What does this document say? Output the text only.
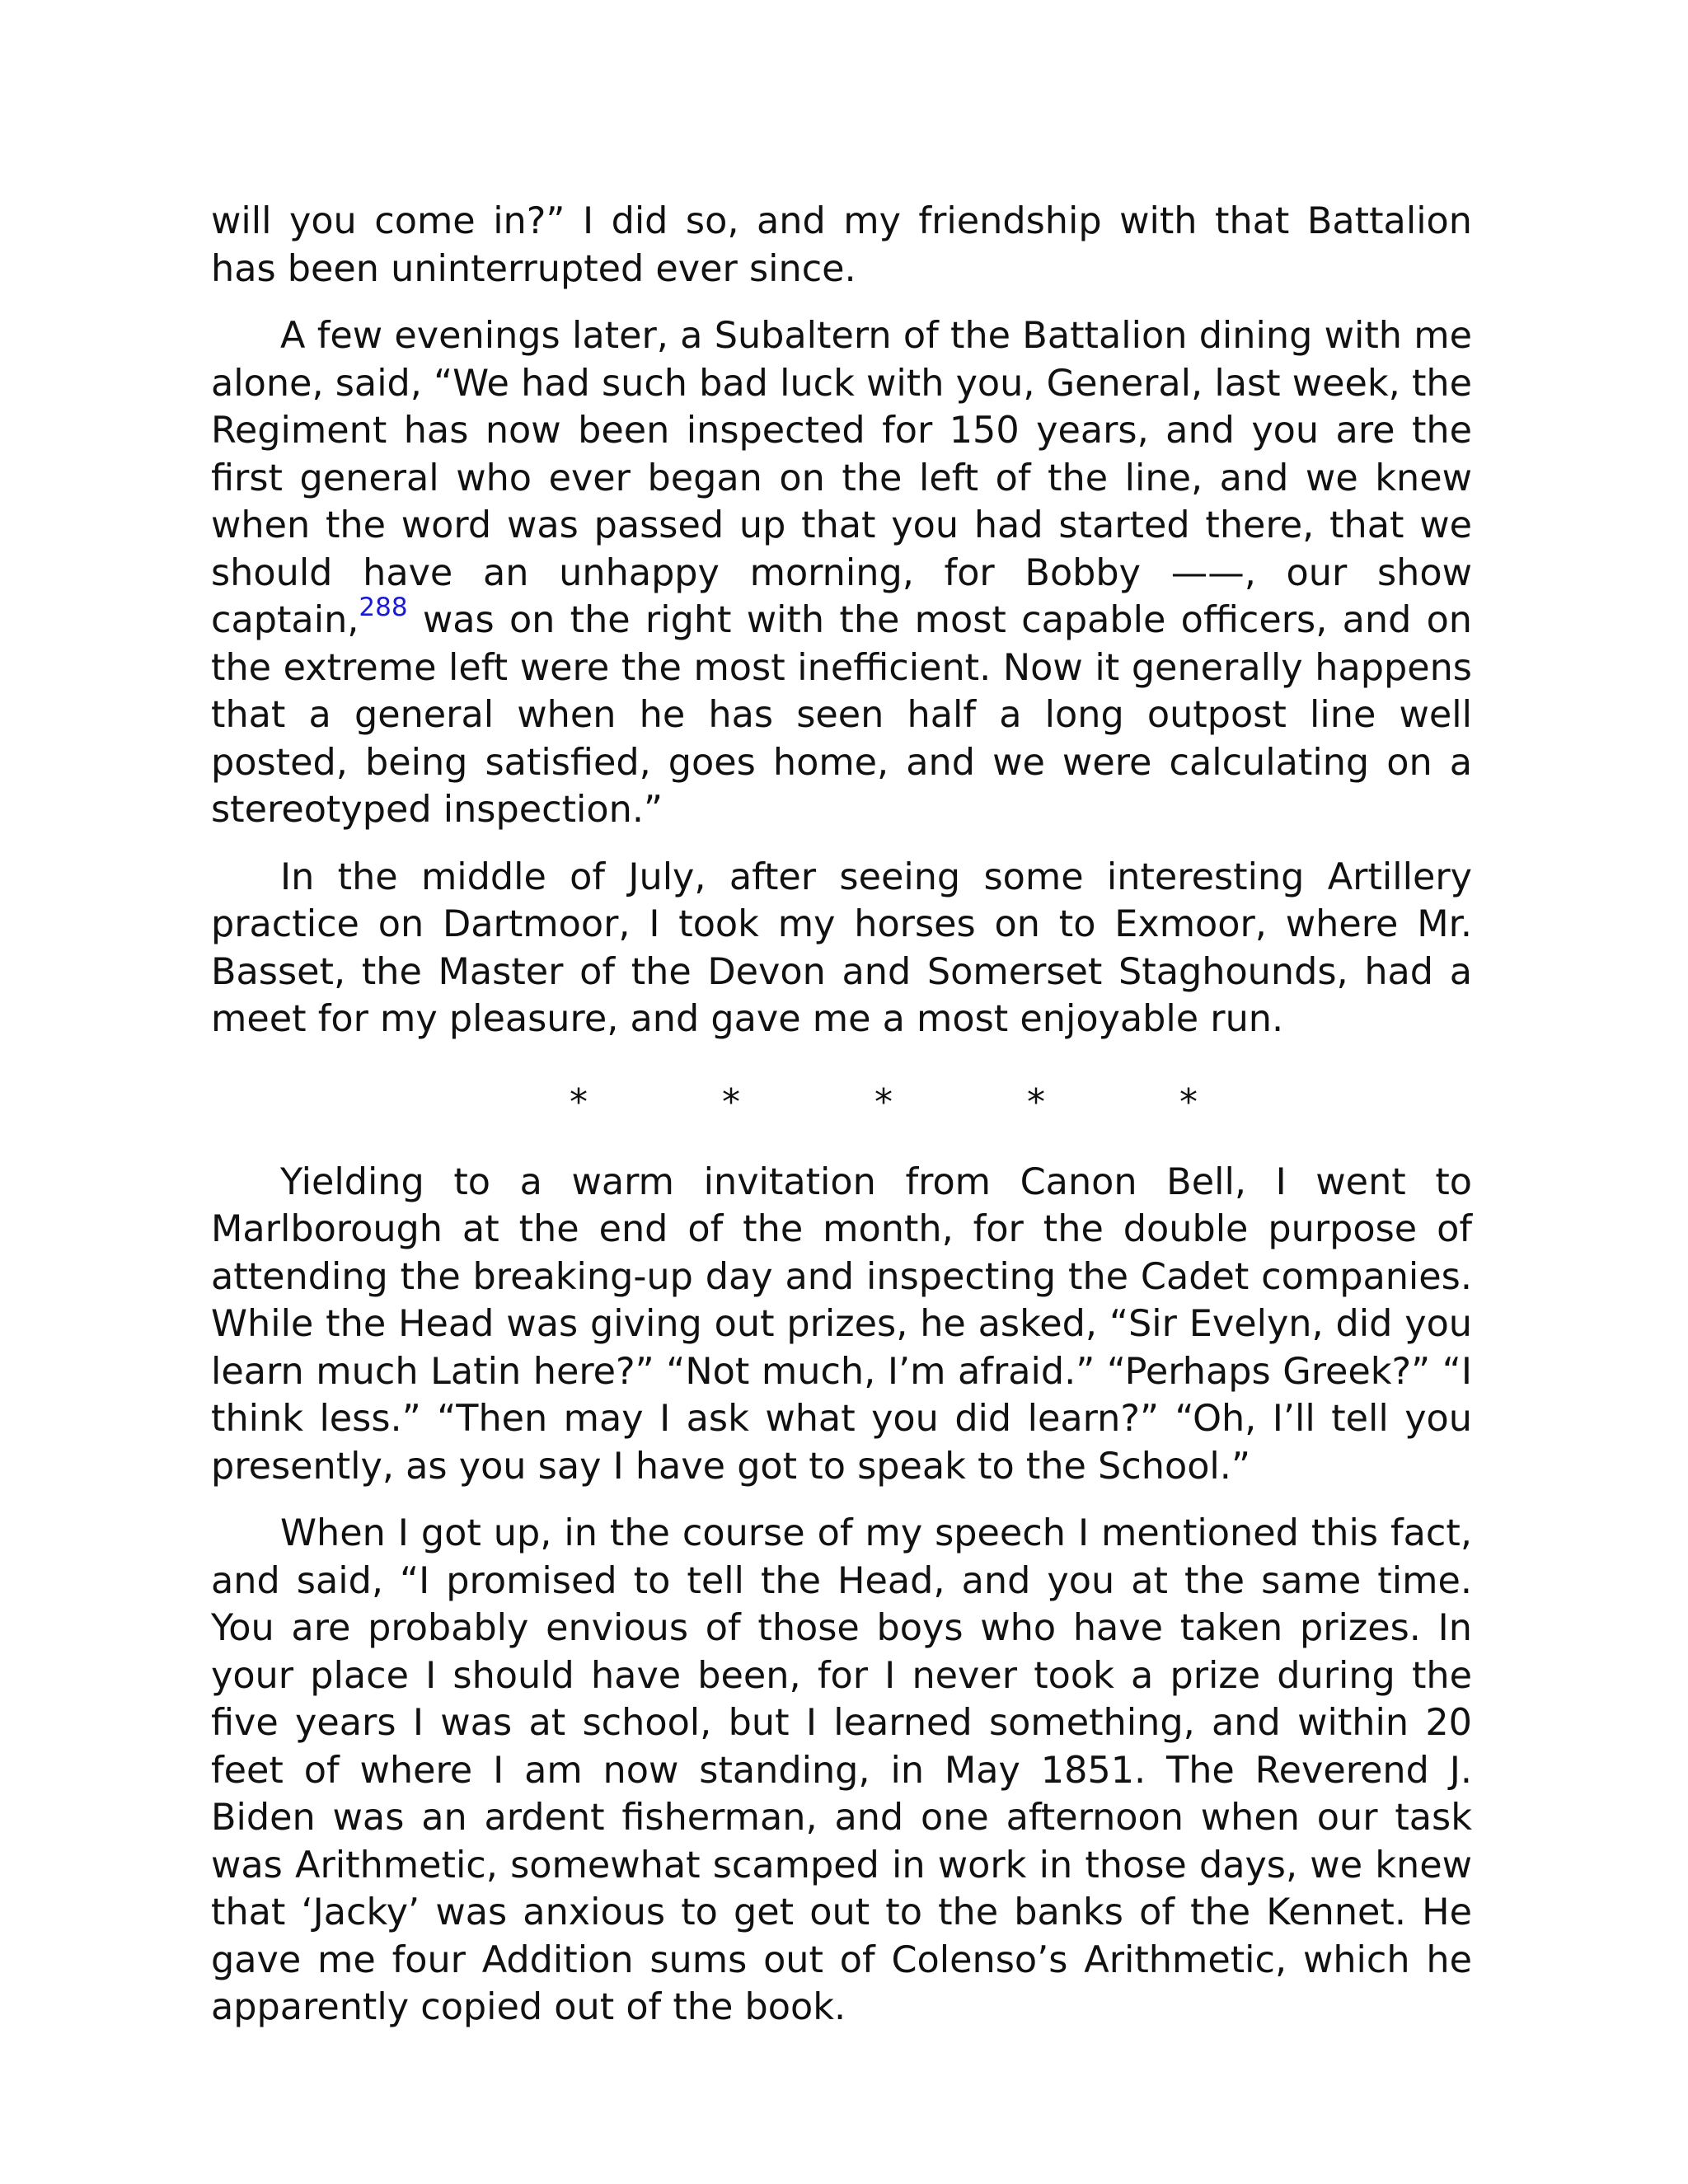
will you come in?” I did so, and my friendship with that Battalion has been uninterrupted ever since.

A few evenings later, a Subaltern of the Battalion dining with me alone, said, “We had such bad luck with you, General, last week, the Regiment has now been inspected for 150 years, and you are the first general who ever began on the left of the line, and we knew when the word was passed up that you had started there, that we should have an unhappy morning, for Bobby ——, our show captain,$^{288}$ was on the right with the most capable officers, and on the extreme left were the most inefficient. Now it generally happens that a general when he has seen half a long outpost line well posted, being satisfied, goes home, and we were calculating on a stereotyped inspection.”

In the middle of July, after seeing some interesting Artillery practice on Dartmoor, I took my horses on to Exmoor, where Mr. Basset, the Master of the Devon and Somerset Staghounds, had a meet for my pleasure, and gave me a most enjoyable run.

*	*	*	*	*

Yielding to a warm invitation from Canon Bell, I went to Marlborough at the end of the month, for the double purpose of attending the breaking-up day and inspecting the Cadet companies. While the Head was giving out prizes, he asked, “Sir Evelyn, did you learn much Latin here?” “Not much, I’m afraid.” “Perhaps Greek?” “I think less.” “Then may I ask what you did learn?” “Oh, I’ll tell you presently, as you say I have got to speak to the School.”

When I got up, in the course of my speech I mentioned this fact, and said, “I promised to tell the Head, and you at the same time. You are probably envious of those boys who have taken prizes. In your place I should have been, for I never took a prize during the five years I was at school, but I learned something, and within 20 feet of where I am now standing, in May 1851. The Reverend J. Biden was an ardent fisherman, and one afternoon when our task was Arithmetic, somewhat scamped in work in those days, we knew that ‘Jacky’ was anxious to get out to the banks of the Kennet. He gave me four Addition sums out of Colenso’s Arithmetic, which he apparently copied out of the book.
